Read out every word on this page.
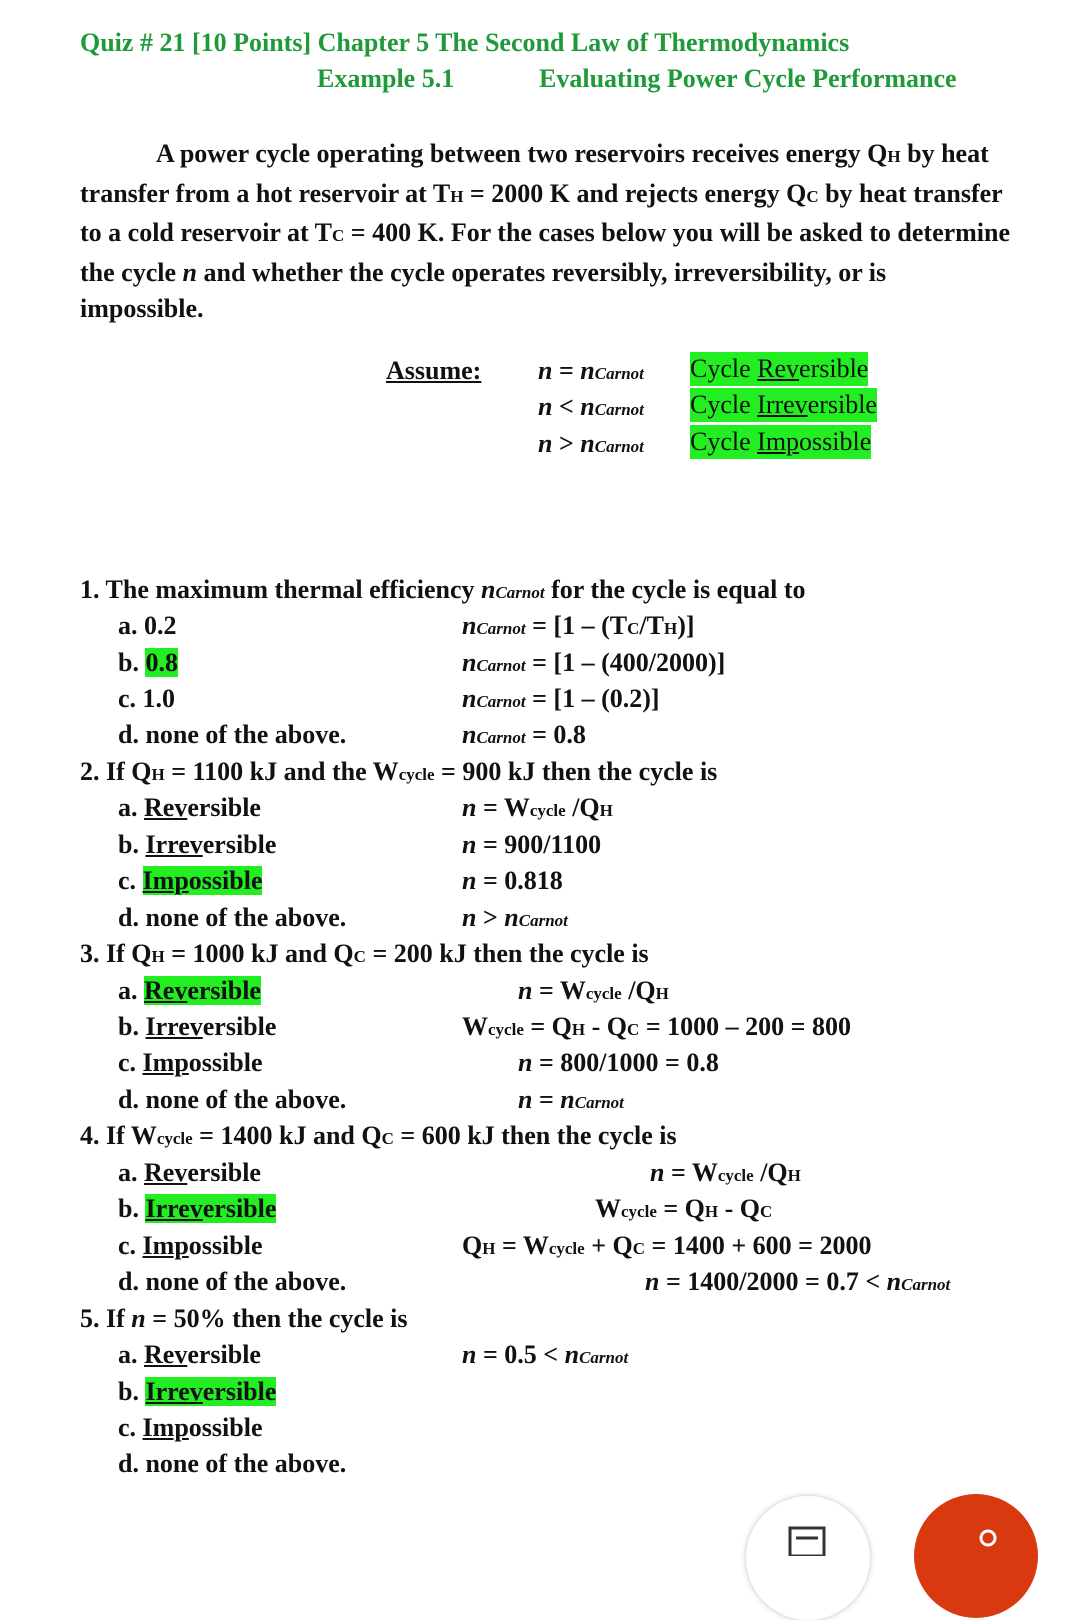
Quiz # 21 [10 Points] Chapter 5 The Second Law of Thermodynamics
Example 5.1	Evaluating Power Cycle Performance
A power cycle operating between two reservoirs receives energy QH by heat transfer from a hot reservoir at TH = 2000 K and rejects energy QC by heat transfer to a cold reservoir at TC = 400 K. For the cases below you will be asked to determine the cycle n and whether the cycle operates reversibly, irreversibility, or is impossible.
Assume: n = nCarnot
n < nCarnot
n > nCarnot
Cycle Reversible
Cycle Irreversible
Cycle Impossible
1. The maximum thermal efficiency nCarnot for the cycle is equal to
a. 0.2
b. 0.8
c. 1.0
d. none of the above.
nCarnot = [1 – (TC/TH)]
nCarnot = [1 – (400/2000)]
nCarnot = [1 – (0.2)]
nCarnot = 0.8
2. If QH = 1100 kJ and the Wcycle = 900 kJ then the cycle is
a. Reversible
b. Irreversible
c. Impossible
d. none of the above.
n = Wcycle /QH
n = 900/1100
n = 0.818
n > nCarnot
3. If QH = 1000 kJ and QC = 200 kJ then the cycle is
a. Reversible
b. Irreversible
c. Impossible
d. none of the above.
n = Wcycle /QH
Wcycle = QH - QC = 1000 – 200 = 800
n = 800/1000 = 0.8
n = nCarnot
4. If Wcycle = 1400 kJ and QC = 600 kJ then the cycle is
a. Reversible
b. Irreversible
c. Impossible
d. none of the above.
n = Wcycle /QH
Wcycle = QH - QC
QH = Wcycle + QC = 1400 + 600 = 2000
n = 1400/2000 = 0.7 < nCarnot
5. If n = 50% then the cycle is
a. Reversible
b. Irreversible
c. Impossible
d. none of the above.
n = 0.5 < nCarnot
